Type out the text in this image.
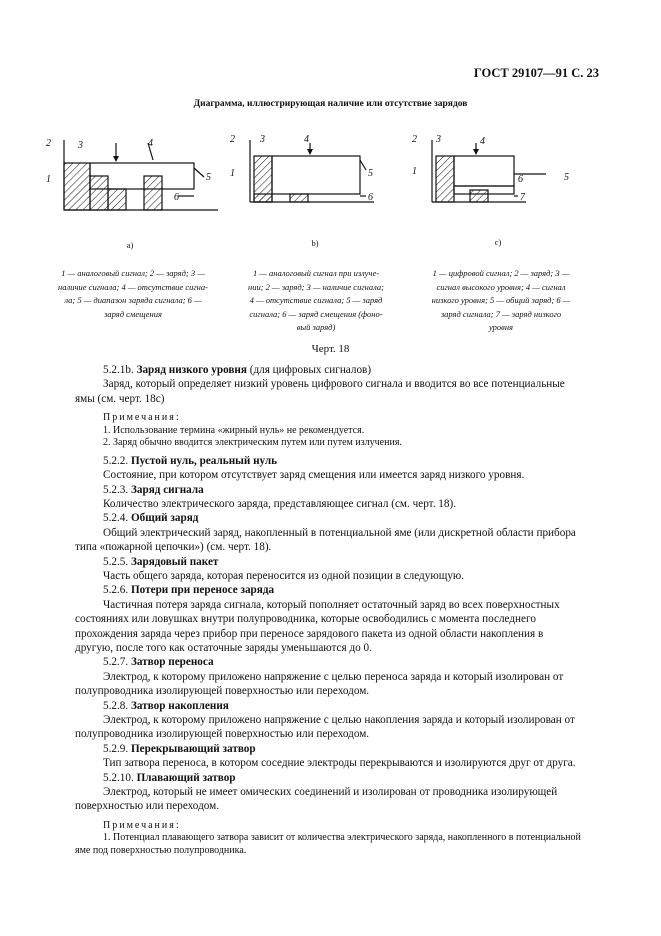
ГОСТ 29107—91 С. 23
Диаграмма, иллюстрирующая наличие или отсутствие зарядов
2	3	4
1	5
6
2	3	4
1	5
6
2 3	4
1
6	5
7
a)	b)	c)
1 — аналоговый сигнал; 2 — заряд; 3 —
наличие сигнала; 4 — отсутствие сигна-
ла; 5 — диапазон заряда сигнала; 6 —
заряд смещения
1 — аналоговый сигнал при излуче-
нии; 2 — заряд; 3 — наличие сигнала;
4 — отсутствие сигнала; 5 — заряд
сигнала; 6 — заряд смещения (фоно-
вый заряд)
1 — цифровой сигнал; 2 — заряд; 3 —
сигнал высокого уровня; 4 — сигнал
низкого уровня; 5 — общий заряд; 6 —
заряд сигнала; 7 — заряд низкого
уровня
Черт. 18

5.2.1b. Заряд низкого уровня (для цифровых сигналов)

Заряд, который определяет низкий уровень цифрового сигнала и вводится во все потенциальные ямы (см. черт. 18c)

Примечания:

1. Использование термина «жирный нуль» не рекомендуется.

2. Заряд обычно вводится электрическим путем или путем излучения.

5.2.2. Пустой нуль, реальный нуль

Состояние, при котором отсутствует заряд смещения или имеется заряд низкого уровня.

5.2.3. Заряд сигнала

Количество электрического заряда, представляющее сигнал (см. черт. 18).

5.2.4. Общий заряд

Общий электрический заряд, накопленный в потенциальной яме (или дискретной области прибора типа «пожарной цепочки») (см. черт. 18).

5.2.5. Зарядовый пакет

Часть общего заряда, которая переносится из одной позиции в следующую.

5.2.6. Потери при переносе заряда

Частичная потеря заряда сигнала, который пополняет остаточный заряд во всех поверхностных состояниях или ловушках внутри полупроводника, которые освободились с момента последнего прохождения заряда через прибор при переносе зарядового пакета из одной области накопления в другую, после того как остаточные заряды уменьшаются до 0.

5.2.7. Затвор переноса

Электрод, к которому приложено напряжение с целью переноса заряда и который изолирован от полупроводника изолирующей поверхностью или переходом.

5.2.8. Затвор накопления

Электрод, к которому приложено напряжение с целью накопления заряда и который изолирован от полупроводника изолирующей поверхностью или переходом.

5.2.9. Перекрывающий затвор

Тип затвора переноса, в котором соседние электроды перекрываются и изолируются друг от друга.

5.2.10. Плавающий затвор

Электрод, который не имеет омических соединений и изолирован от проводника изолирующей поверхностью или переходом.

Примечания:

1. Потенциал плавающего затвора зависит от количества электрического заряда, накопленного в потенциальной яме под поверхностью полупроводника.
